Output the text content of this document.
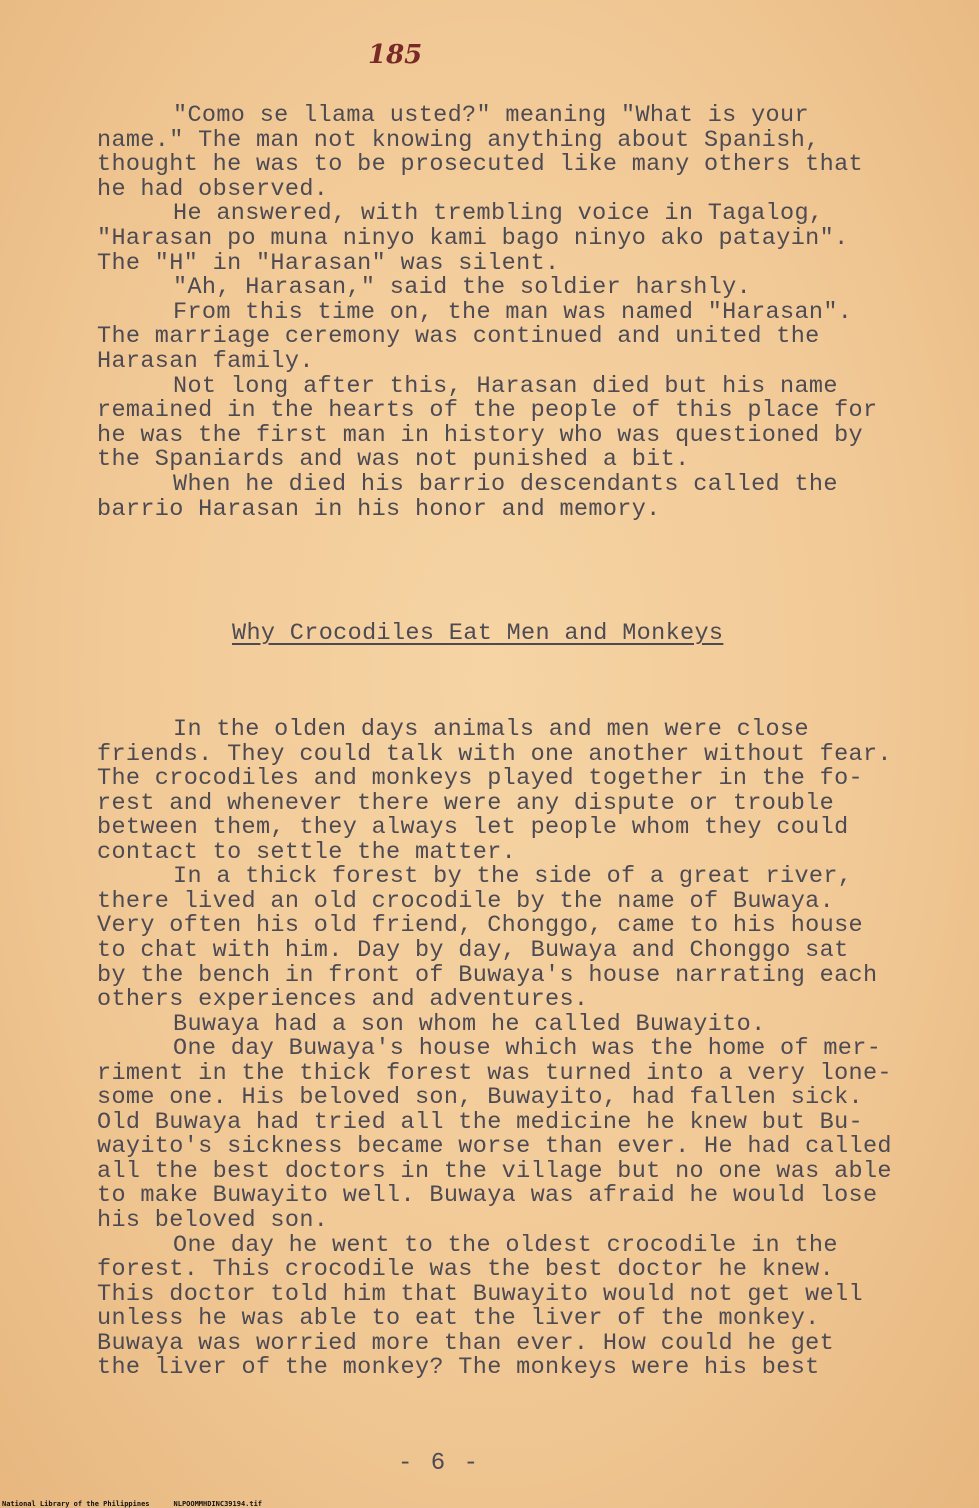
185
"Como se llama usted?" meaning "What is your
name." The man not knowing anything about Spanish,
thought he was to be prosecuted like many others that
he had observed.
He answered, with trembling voice in Tagalog,
"Harasan po muna ninyo kami bago ninyo ako patayin".
The "H" in "Harasan" was silent.
"Ah, Harasan," said the soldier harshly.
From this time on, the man was named "Harasan".
The marriage ceremony was continued and united the
Harasan family.
Not long after this, Harasan died but his name
remained in the hearts of the people of this place for
he was the first man in history who was questioned by
the Spaniards and was not punished a bit.
When he died his barrio descendants called the
barrio Harasan in his honor and memory.
Why Crocodiles Eat Men and Monkeys
In the olden days animals and men were close
friends. They could talk with one another without fear.
The crocodiles and monkeys played together in the fo-
rest and whenever there were any dispute or trouble
between them, they always let people whom they could
contact to settle the matter.
In a thick forest by the side of a great river,
there lived an old crocodile by the name of Buwaya.
Very often his old friend, Chonggo, came to his house
to chat with him. Day by day, Buwaya and Chonggo sat
by the bench in front of Buwaya's house narrating each
others experiences and adventures.
Buwaya had a son whom he called Buwayito.
One day Buwaya's house which was the home of mer-
riment in the thick forest was turned into a very lone-
some one. His beloved son, Buwayito, had fallen sick.
Old Buwaya had tried all the medicine he knew but Bu-
wayito's sickness became worse than ever. He had called
all the best doctors in the village but no one was able
to make Buwayito well. Buwaya was afraid he would lose
his beloved son.
One day he went to the oldest crocodile in the
forest. This crocodile was the best doctor he knew.
This doctor told him that Buwayito would not get well
unless he was able to eat the liver of the monkey.
Buwaya was worried more than ever. How could he get
the liver of the monkey? The monkeys were his best
- 6 -
National Library of the Philippines	NLPOOMMHDINC39194.tif
